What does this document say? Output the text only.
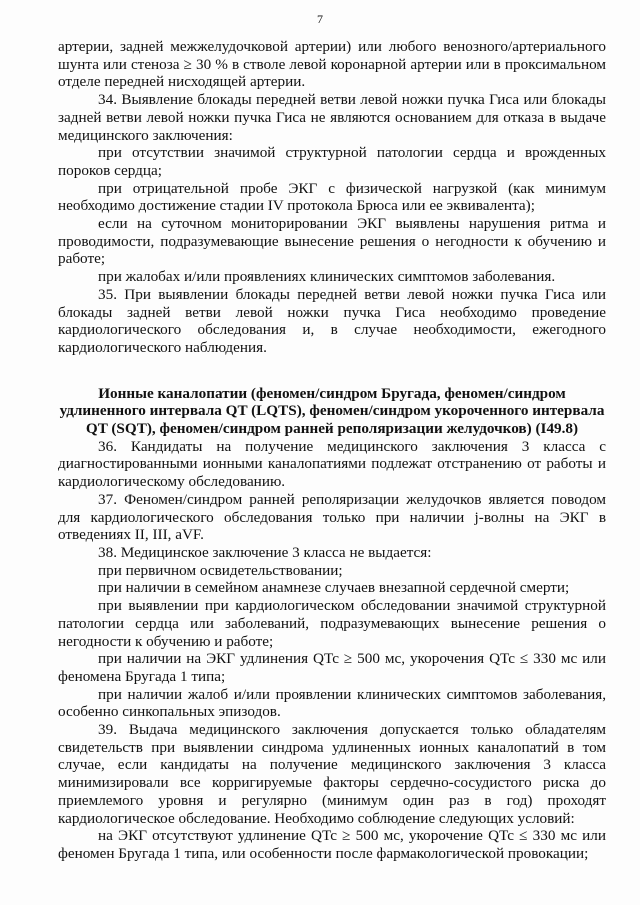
7

артерии, задней межжелудочковой артерии) или любого венозного/артериального шунта или стеноза ≥ 30 % в стволе левой коронарной артерии или в проксимальном отделе передней нисходящей артерии.

34. Выявление блокады передней ветви левой ножки пучка Гиса или блокады задней ветви левой ножки пучка Гиса не являются основанием для отказа в выдаче медицинского заключения:

при отсутствии значимой структурной патологии сердца и врожденных пороков сердца;

при отрицательной пробе ЭКГ с физической нагрузкой (как минимум необходимо достижение стадии IV протокола Брюса или ее эквивалента);

если на суточном мониторировании ЭКГ выявлены нарушения ритма и проводимости, подразумевающие вынесение решения о негодности к обучению и работе;

при жалобах и/или проявлениях клинических симптомов заболевания.

35. При выявлении блокады передней ветви левой ножки пучка Гиса или блокады задней ветви левой ножки пучка Гиса необходимо проведение кардиологического обследования и, в случае необходимости, ежегодного кардиологического наблюдения.

Ионные каналопатии (феномен/синдром Бругада, феномен/синдром
удлиненного интервала QT (LQTS), феномен/синдром укороченного интервала
QT (SQT), феномен/синдром ранней реполяризации желудочков) (I49.8)

36. Кандидаты на получение медицинского заключения 3 класса с диагностированными ионными каналопатиями подлежат отстранению от работы и кардиологическому обследованию.

37. Феномен/синдром ранней реполяризации желудочков является поводом для кардиологического обследования только при наличии j-волны на ЭКГ в отведениях II, III, aVF.

38. Медицинское заключение 3 класса не выдается:

при первичном освидетельствовании;

при наличии в семейном анамнезе случаев внезапной сердечной смерти;

при выявлении при кардиологическом обследовании значимой структурной патологии сердца или заболеваний, подразумевающих вынесение решения о негодности к обучению и работе;

при наличии на ЭКГ удлинения QTc ≥ 500 мс, укорочения QTc ≤ 330 мс или феномена Бругада 1 типа;

при наличии жалоб и/или проявлении клинических симптомов заболевания, особенно синкопальных эпизодов.

39. Выдача медицинского заключения допускается только обладателям свидетельств при выявлении синдрома удлиненных ионных каналопатий в том случае, если кандидаты на получение медицинского заключения 3 класса минимизировали все корригируемые факторы сердечно-сосудистого риска до приемлемого уровня и регулярно (минимум один раз в год) проходят кардиологическое обследование. Необходимо соблюдение следующих условий:

на ЭКГ отсутствуют удлинение QTc ≥ 500 мс, укорочение QTc ≤ 330 мс или феномен Бругада 1 типа, или особенности после фармакологической провокации;
